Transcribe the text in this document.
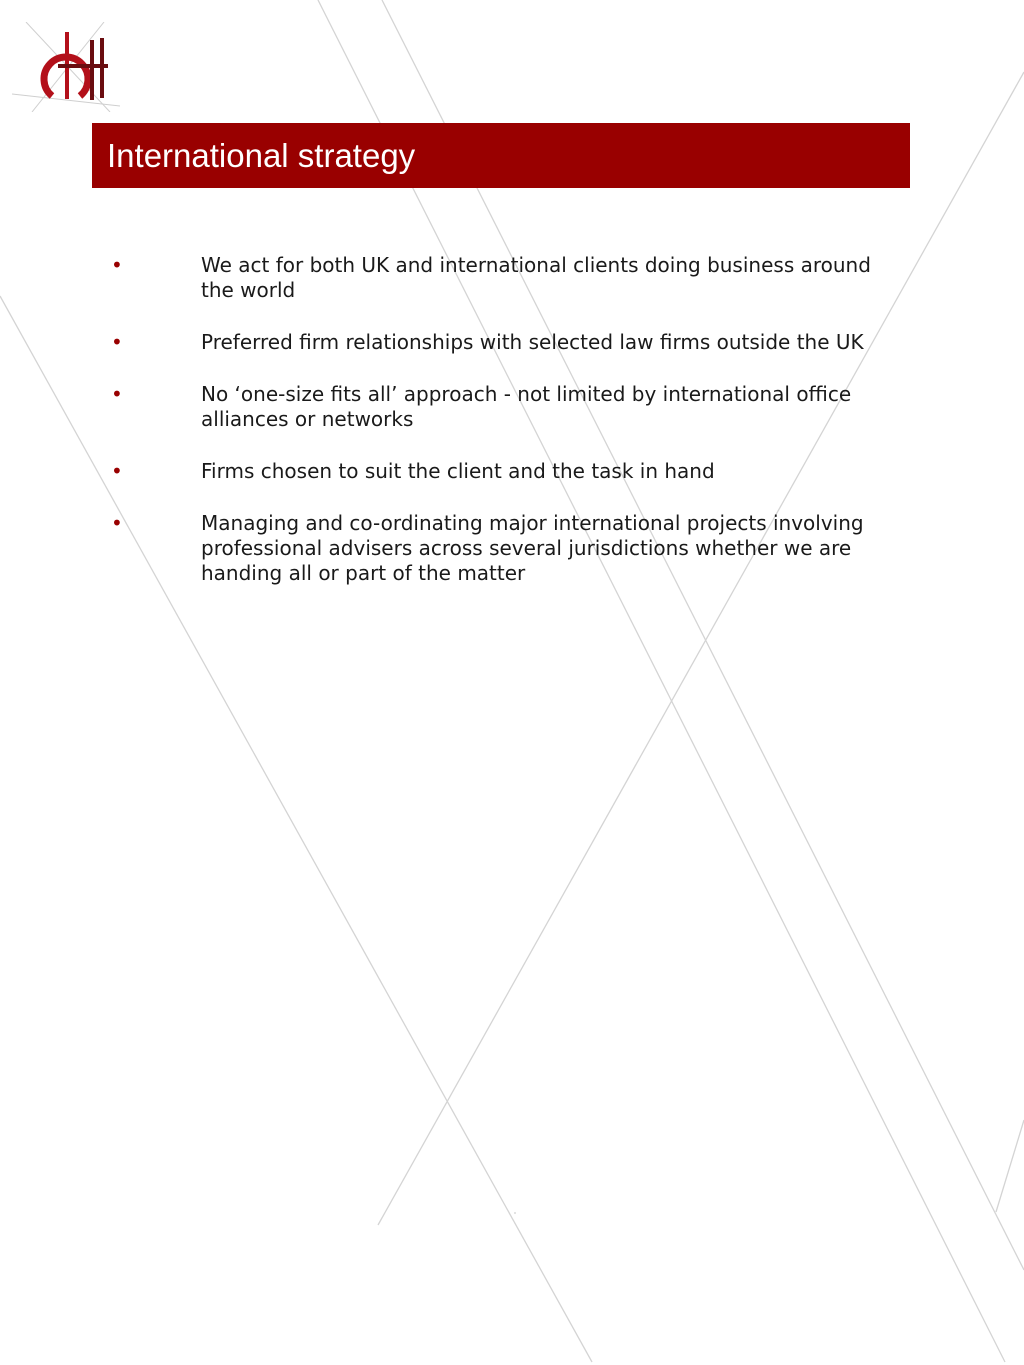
International strategy
•	We act for both UK and international clients doing business around the world
•	Preferred firm relationships with selected law firms outside the UK
•	No ‘one-size fits all’ approach - not limited by international office alliances or networks
•	Firms chosen to suit the client and the task in hand
•	Managing and co-ordinating major international projects involving professional advisers across several jurisdictions whether we are handing all or part of the matter
